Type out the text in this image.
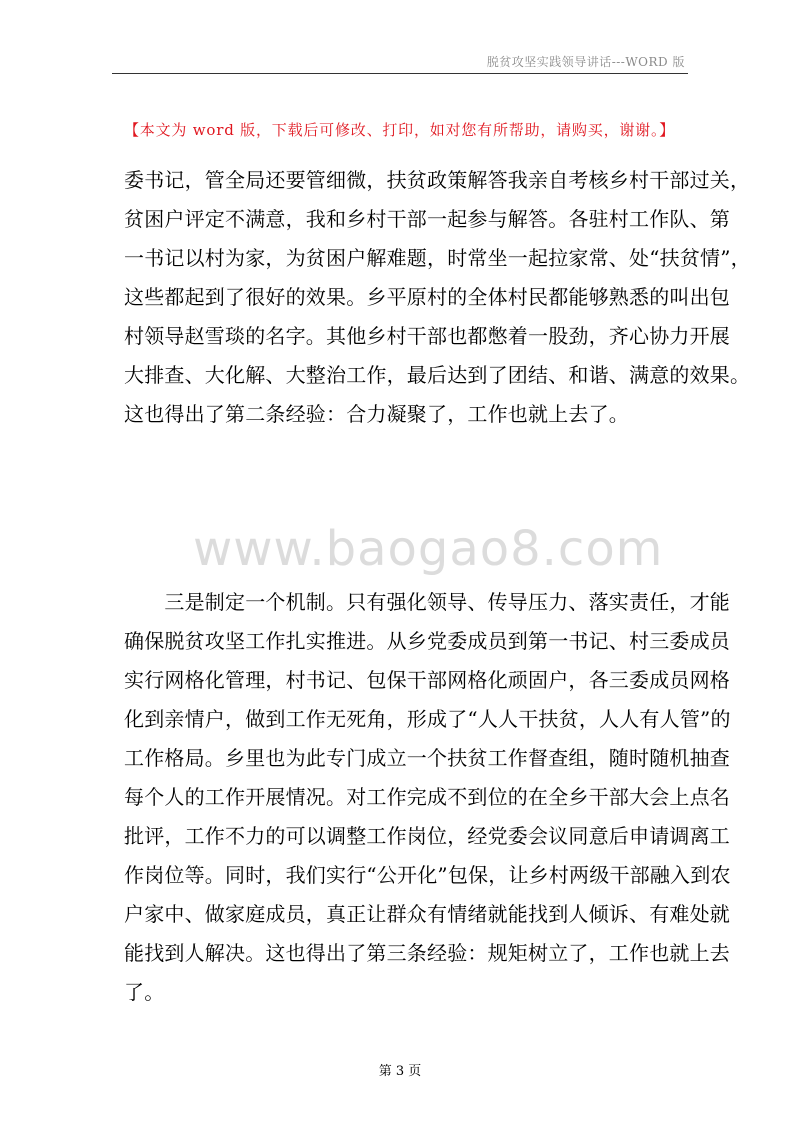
脱贫攻坚实践领导讲话---WORD 版
【本文为 word 版，下载后可修改、打印，如对您有所帮助，请购买，谢谢。】
委书记，管全局还要管细微，扶贫政策解答我亲自考核乡村干部过关，
贫困户评定不满意，我和乡村干部一起参与解答。各驻村工作队、第
一书记以村为家，为贫困户解难题，时常坐一起拉家常、处“扶贫情”，
这些都起到了很好的效果。乡平原村的全体村民都能够熟悉的叫出包
村领导赵雪琰的名字。其他乡村干部也都憋着一股劲，齐心协力开展
大排查、大化解、大整治工作，最后达到了团结、和谐、满意的效果。
这也得出了第二条经验：合力凝聚了，工作也就上去了。
www.baogao8.com
　　三是制定一个机制。只有强化领导、传导压力、落实责任，才能
确保脱贫攻坚工作扎实推进。从乡党委成员到第一书记、村三委成员
实行网格化管理，村书记、包保干部网格化顽固户，各三委成员网格
化到亲情户，做到工作无死角，形成了“人人干扶贫，人人有人管”的
工作格局。乡里也为此专门成立一个扶贫工作督查组，随时随机抽查
每个人的工作开展情况。对工作完成不到位的在全乡干部大会上点名
批评，工作不力的可以调整工作岗位，经党委会议同意后申请调离工
作岗位等。同时，我们实行“公开化”包保，让乡村两级干部融入到农
户家中、做家庭成员，真正让群众有情绪就能找到人倾诉、有难处就
能找到人解决。这也得出了第三条经验：规矩树立了，工作也就上去
了。
第 3 页
